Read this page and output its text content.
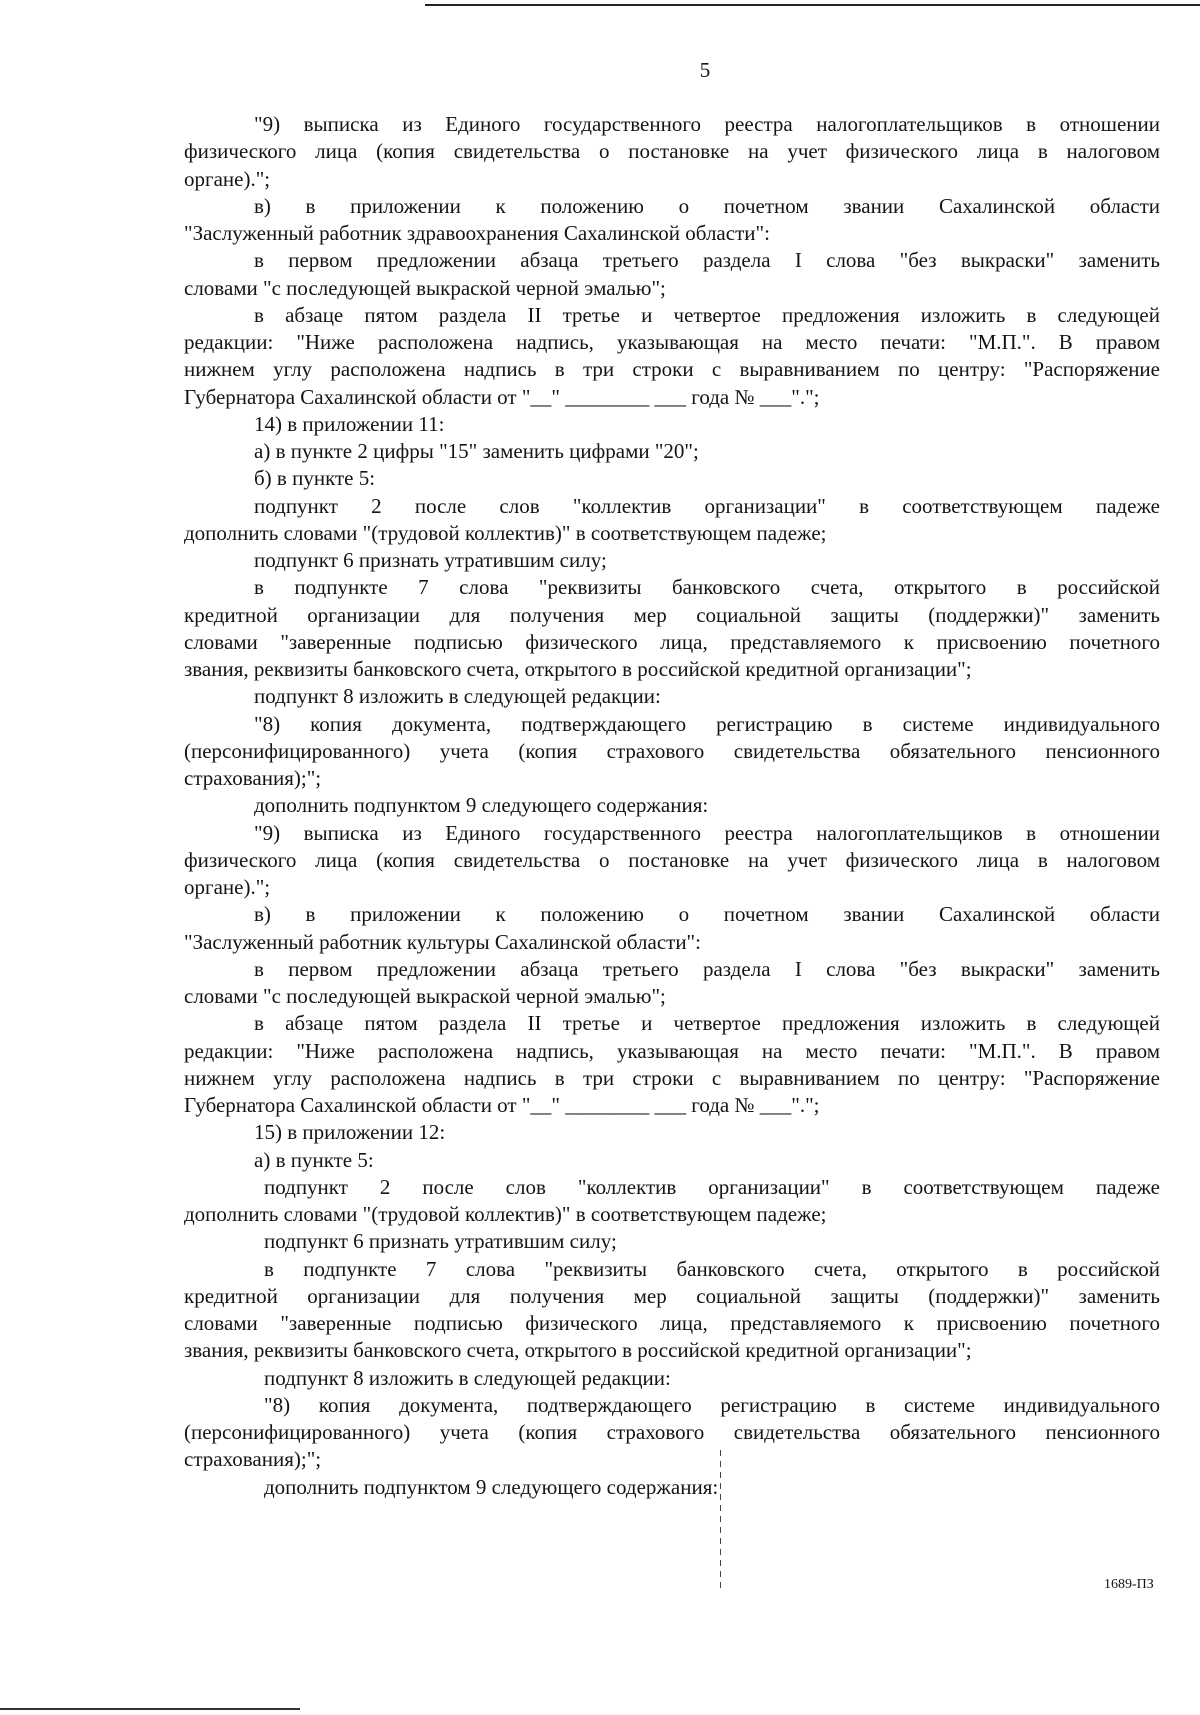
5
"9) выписка из Единого государственного реестра налогоплательщиков в отношении
физического лица (копия свидетельства о постановке на учет физического лица в налоговом
органе).";
в) в приложении к положению о почетном звании Сахалинской области
"Заслуженный работник здравоохранения Сахалинской области":
в первом предложении абзаца третьего раздела I слова "без выкраски" заменить
словами "с последующей выкраской черной эмалью";
в абзаце пятом раздела II третье и четвертое предложения изложить в следующей
редакции: "Ниже расположена надпись, указывающая на место печати: "М.П.". В правом
нижнем углу расположена надпись в три строки с выравниванием по центру: "Распоряжение
Губернатора Сахалинской области от "__" ________ ___ года № ___".";
14) в приложении 11:
а) в пункте 2 цифры "15" заменить цифрами "20";
б) в пункте 5:
подпункт 2 после слов "коллектив организации" в соответствующем падеже
дополнить словами "(трудовой коллектив)" в соответствующем падеже;
подпункт 6 признать утратившим силу;
в подпункте 7 слова "реквизиты банковского счета, открытого в российской
кредитной организации для получения мер социальной защиты (поддержки)" заменить
словами "заверенные подписью физического лица, представляемого к присвоению почетного
звания, реквизиты банковского счета, открытого в российской кредитной организации";
подпункт 8 изложить в следующей редакции:
"8) копия документа, подтверждающего регистрацию в системе индивидуального
(персонифицированного) учета (копия страхового свидетельства обязательного пенсионного
страхования);";
дополнить подпунктом 9 следующего содержания:
"9) выписка из Единого государственного реестра налогоплательщиков в отношении
физического лица (копия свидетельства о постановке на учет физического лица в налоговом
органе).";
в) в приложении к положению о почетном звании Сахалинской области
"Заслуженный работник культуры Сахалинской области":
в первом предложении абзаца третьего раздела I слова "без выкраски" заменить
словами "с последующей выкраской черной эмалью";
в абзаце пятом раздела II третье и четвертое предложения изложить в следующей
редакции: "Ниже расположена надпись, указывающая на место печати: "М.П.". В правом
нижнем углу расположена надпись в три строки с выравниванием по центру: "Распоряжение
Губернатора Сахалинской области от "__" ________ ___ года № ___".";
15) в приложении 12:
а) в пункте 5:
подпункт 2 после слов "коллектив организации" в соответствующем падеже
дополнить словами "(трудовой коллектив)" в соответствующем падеже;
подпункт 6 признать утратившим силу;
в подпункте 7 слова "реквизиты банковского счета, открытого в российской
кредитной организации для получения мер социальной защиты (поддержки)" заменить
словами "заверенные подписью физического лица, представляемого к присвоению почетного
звания, реквизиты банковского счета, открытого в российской кредитной организации";
подпункт 8 изложить в следующей редакции:
"8) копия документа, подтверждающего регистрацию в системе индивидуального
(персонифицированного) учета (копия страхового свидетельства обязательного пенсионного
страхования);";
дополнить подпунктом 9 следующего содержания:
1689-ПЗ
